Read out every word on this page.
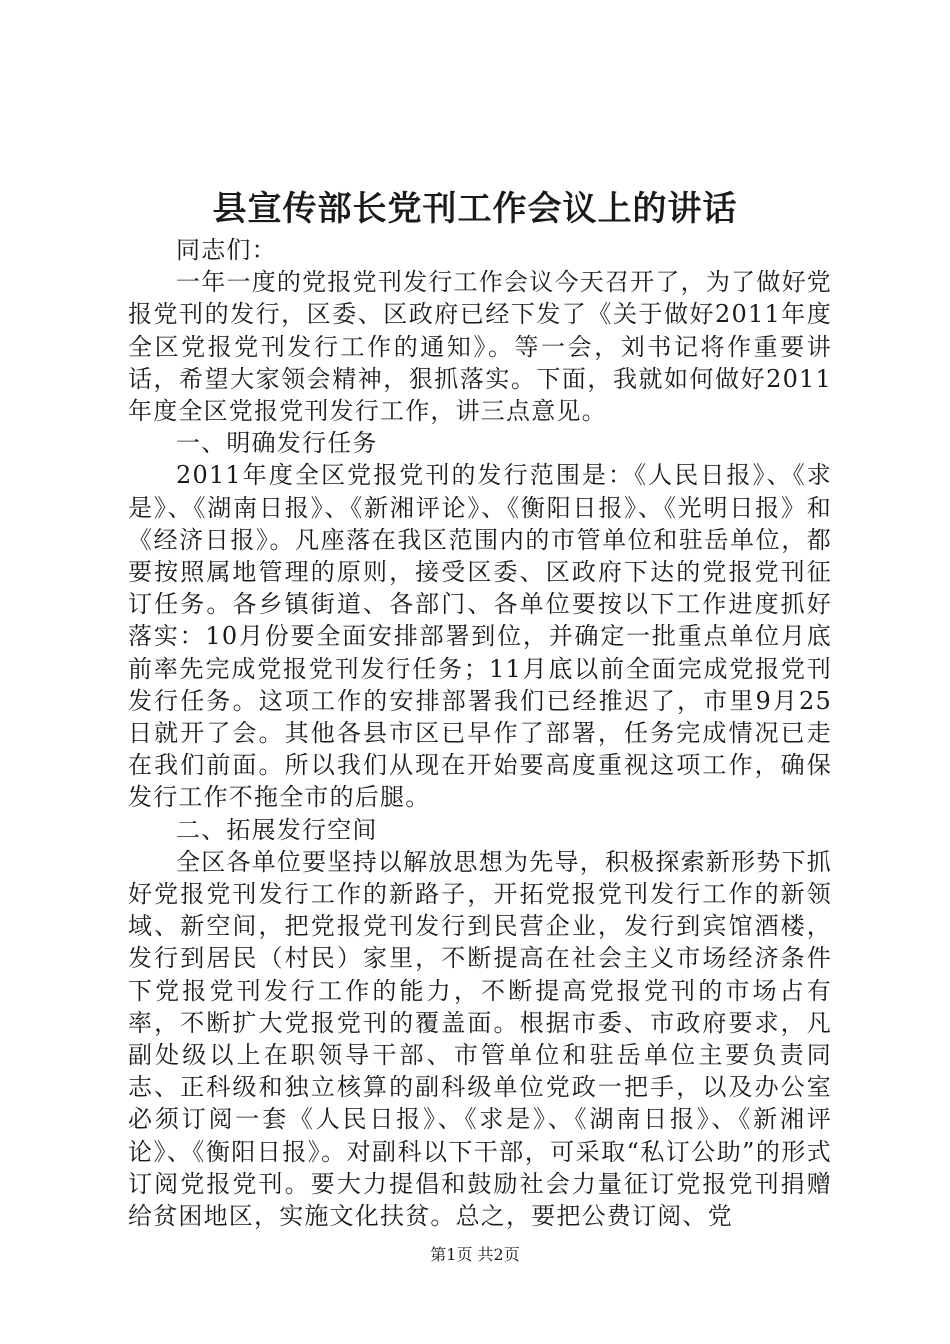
县宣传部长党刊工作会议上的讲话

同志们：

一年一度的党报党刊发行工作会议今天召开了，为了做好党报党刊的发行，区委、区政府已经下发了《关于做好2011年度全区党报党刊发行工作的通知》。等一会，刘书记将作重要讲话，希望大家领会精神，狠抓落实。下面，我就如何做好2011年度全区党报党刊发行工作，讲三点意见。

一、明确发行任务

2011年度全区党报党刊的发行范围是：《人民日报》、《求是》、《湖南日报》、《新湘评论》、《衡阳日报》、《光明日报》和《经济日报》。凡座落在我区范围内的市管单位和驻岳单位，都要按照属地管理的原则，接受区委、区政府下达的党报党刊征订任务。各乡镇街道、各部门、各单位要按以下工作进度抓好落实：10月份要全面安排部署到位，并确定一批重点单位月底前率先完成党报党刊发行任务；11月底以前全面完成党报党刊发行任务。这项工作的安排部署我们已经推迟了，市里9月25日就开了会。其他各县市区已早作了部署，任务完成情况已走在我们前面。所以我们从现在开始要高度重视这项工作，确保发行工作不拖全市的后腿。

二、拓展发行空间

全区各单位要坚持以解放思想为先导，积极探索新形势下抓好党报党刊发行工作的新路子，开拓党报党刊发行工作的新领域、新空间，把党报党刊发行到民营企业，发行到宾馆酒楼，发行到居民（村民）家里，不断提高在社会主义市场经济条件下党报党刊发行工作的能力，不断提高党报党刊的市场占有率，不断扩大党报党刊的覆盖面。根据市委、市政府要求，凡副处级以上在职领导干部、市管单位和驻岳单位主要负责同志、正科级和独立核算的副科级单位党政一把手，以及办公室必须订阅一套《人民日报》、《求是》、《湖南日报》、《新湘评论》、《衡阳日报》。对副科以下干部，可采取“私订公助”的形式订阅党报党刊。要大力提倡和鼓励社会力量征订党报党刊捐赠给贫困地区，实施文化扶贫。总之，要把公费订阅、党

第1页 共2页
